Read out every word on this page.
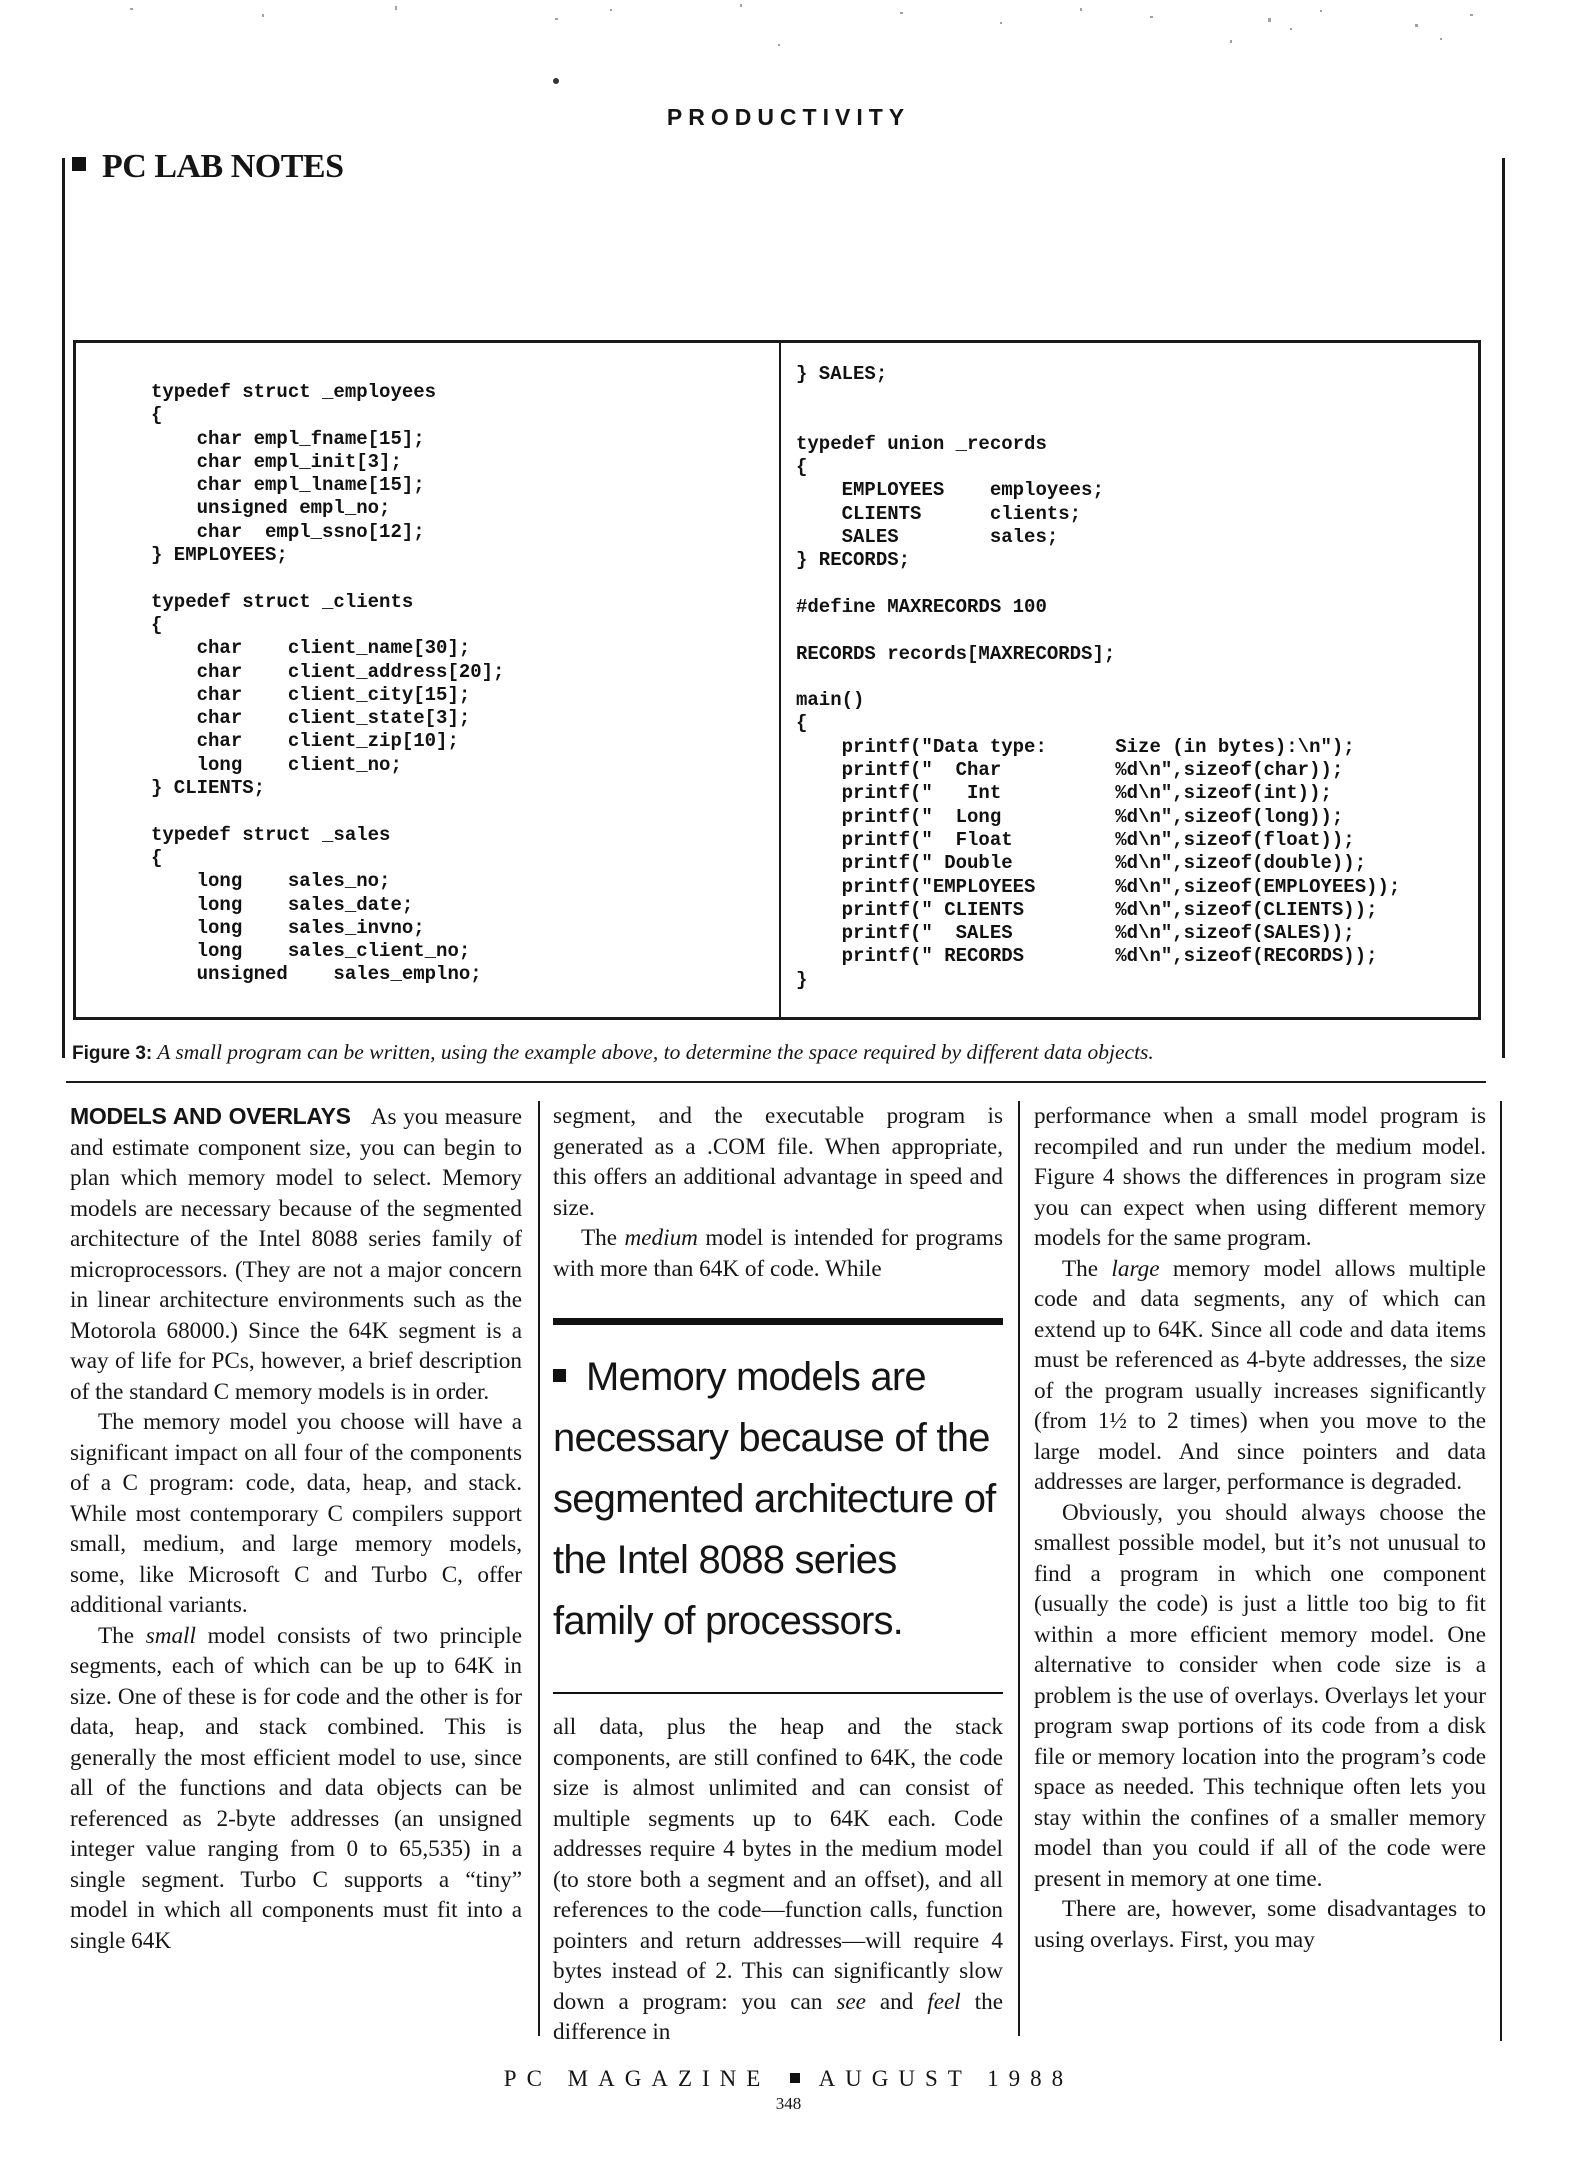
PRODUCTIVITY
PC LAB NOTES
typedef struct _employees
{
char empl_fname[15];
char empl_init[3];
char empl_lname[15];
unsigned empl_no;
char  empl_ssno[12];
} EMPLOYEES;

typedef struct _clients
{
char    client_name[30];
char    client_address[20];
char    client_city[15];
char    client_state[3];
char    client_zip[10];
long    client_no;
} CLIENTS;

typedef struct _sales
{
long    sales_no;
long    sales_date;
long    sales_invno;
long    sales_client_no;
unsigned    sales_emplno;
} SALES;

typedef union _records
{
EMPLOYEES    employees;
CLIENTS      clients;
SALES        sales;
} RECORDS;

#define MAXRECORDS 100

RECORDS records[MAXRECORDS];

main()
{
printf("Data type:      Size (in bytes):\n");
printf("  Char          %d\n",sizeof(char));
printf("   Int          %d\n",sizeof(int));
printf("  Long          %d\n",sizeof(long));
printf("  Float         %d\n",sizeof(float));
printf(" Double         %d\n",sizeof(double));
printf("EMPLOYEES       %d\n",sizeof(EMPLOYEES));
printf(" CLIENTS        %d\n",sizeof(CLIENTS));
printf("  SALES         %d\n",sizeof(SALES));
printf(" RECORDS        %d\n",sizeof(RECORDS));
}
Figure 3: A small program can be written, using the example above, to determine the space required by different data objects.

MODELS AND OVERLAYS As you measure and estimate component size, you can begin to plan which memory model to select. Memory models are necessary because of the segmented architecture of the Intel 8088 series family of microprocessors. (They are not a major concern in linear architecture environments such as the Motorola 68000.) Since the 64K segment is a way of life for PCs, however, a brief description of the standard C memory models is in order.

The memory model you choose will have a significant impact on all four of the components of a C program: code, data, heap, and stack. While most contemporary C compilers support small, medium, and large memory models, some, like Microsoft C and Turbo C, offer additional variants.

The small model consists of two principle segments, each of which can be up to 64K in size. One of these is for code and the other is for data, heap, and stack combined. This is generally the most efficient model to use, since all of the functions and data objects can be referenced as 2-byte addresses (an unsigned integer value ranging from 0 to 65,535) in a single segment. Turbo C supports a “tiny” model in which all components must fit into a single 64K

segment, and the executable program is generated as a .COM file. When appropriate, this offers an additional advantage in speed and size.

The medium model is intended for programs with more than 64K of code. While

Memory models are necessary because of the segmented architecture of the Intel 8088 series family of processors.

all data, plus the heap and the stack components, are still confined to 64K, the code size is almost unlimited and can consist of multiple segments up to 64K each. Code addresses require 4 bytes in the medium model (to store both a segment and an offset), and all references to the code—function calls, function pointers and return addresses—will require 4 bytes instead of 2. This can significantly slow down a program: you can see and feel the difference in

performance when a small model program is recompiled and run under the medium model. Figure 4 shows the differences in program size you can expect when using different memory models for the same program.

The large memory model allows multiple code and data segments, any of which can extend up to 64K. Since all code and data items must be referenced as 4-byte addresses, the size of the program usually increases significantly (from 1½ to 2 times) when you move to the large model. And since pointers and data addresses are larger, performance is degraded.

Obviously, you should always choose the smallest possible model, but it’s not unusual to find a program in which one component (usually the code) is just a little too big to fit within a more efficient memory model. One alternative to consider when code size is a problem is the use of overlays. Overlays let your program swap portions of its code from a disk file or memory location into the program’s code space as needed. This technique often lets you stay within the confines of a smaller memory model than you could if all of the code were present in memory at one time.

There are, however, some disadvantages to using overlays. First, you may

PC MAGAZINE AUGUST 1988
348
